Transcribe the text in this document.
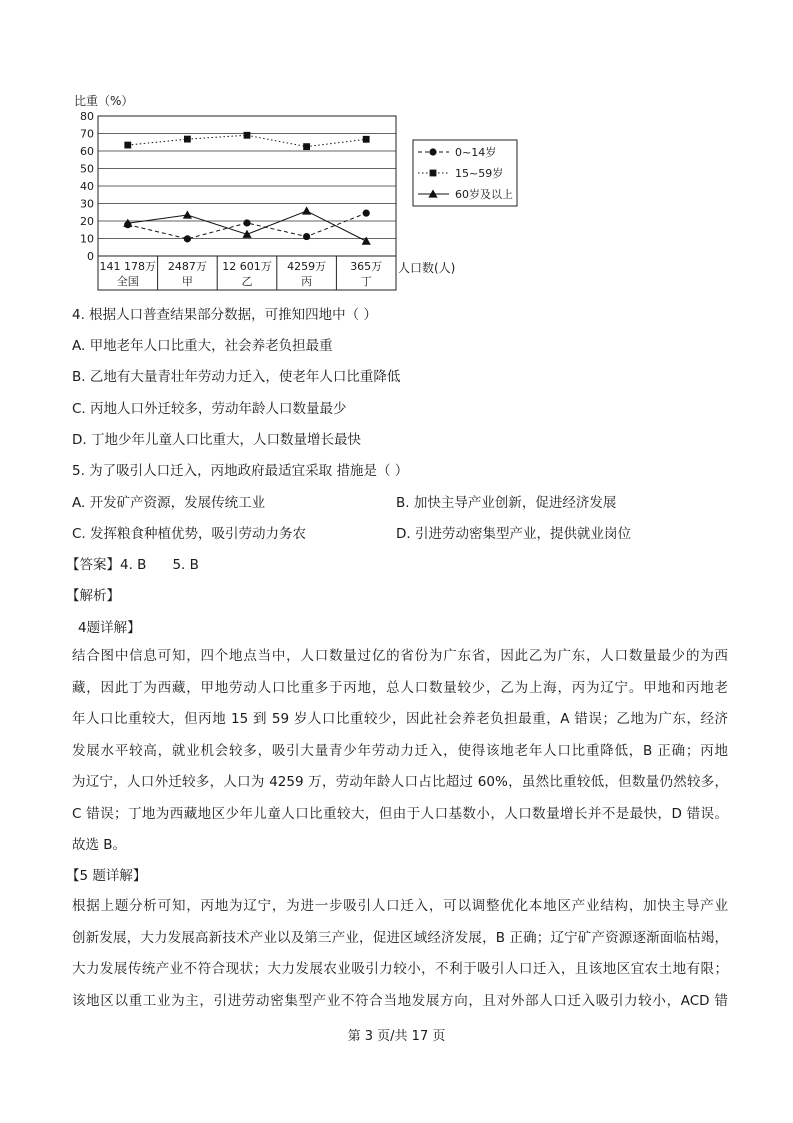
比重（%）
0
10
20
30
40
50
60
70
80
141 178万
全国
2487万
甲
12 601万
乙
4259万
丙
365万
丁
人口数(人)
0~14岁
15~59岁
60岁及以上
4. 根据人口普查结果部分数据，可推知四地中（ ）
A. 甲地老年人口比重大，社会养老负担最重
B. 乙地有大量青壮年劳动力迁入，使老年人口比重降低
C. 丙地人口外迁较多，劳动年龄人口数量最少
D. 丁地少年儿童人口比重大，人口数量增长最快
5. 为了吸引人口迁入，丙地政府最适宜采取 措施是（ ）
A. 开发矿产资源，发展传统工业	B. 加快主导产业创新，促进经济发展
C. 发挥粮食种植优势，吸引劳动力务农	D. 引进劳动密集型产业，提供就业岗位
【答案】4. B 5. B
【解析】
4题详解】
结合图中信息可知，四个地点当中，人口数量过亿的省份为广东省，因此乙为广东，人口数量最少的为西
藏，因此丁为西藏，甲地劳动人口比重多于丙地，总人口数量较少，乙为上海，丙为辽宁。甲地和丙地老
年人口比重较大，但丙地 15 到 59 岁人口比重较少，因此社会养老负担最重，A 错误；乙地为广东，经济
发展水平较高，就业机会较多，吸引大量青少年劳动力迁入，使得该地老年人口比重降低，B 正确；丙地
为辽宁，人口外迁较多，人口为 4259 万，劳动年龄人口占比超过 60%，虽然比重较低，但数量仍然较多，
C 错误；丁地为西藏地区少年儿童人口比重较大，但由于人口基数小，人口数量增长并不是最快，D 错误。
故选 B。
【5 题详解】
根据上题分析可知，丙地为辽宁，为进一步吸引人口迁入，可以调整优化本地区产业结构，加快主导产业
创新发展，大力发展高新技术产业以及第三产业，促进区域经济发展，B 正确；辽宁矿产资源逐渐面临枯竭，
大力发展传统产业不符合现状；大力发展农业吸引力较小，不利于吸引人口迁入，且该地区宜农土地有限；
该地区以重工业为主，引进劳动密集型产业不符合当地发展方向，且对外部人口迁入吸引力较小，ACD 错
第 3 页/共 17 页
